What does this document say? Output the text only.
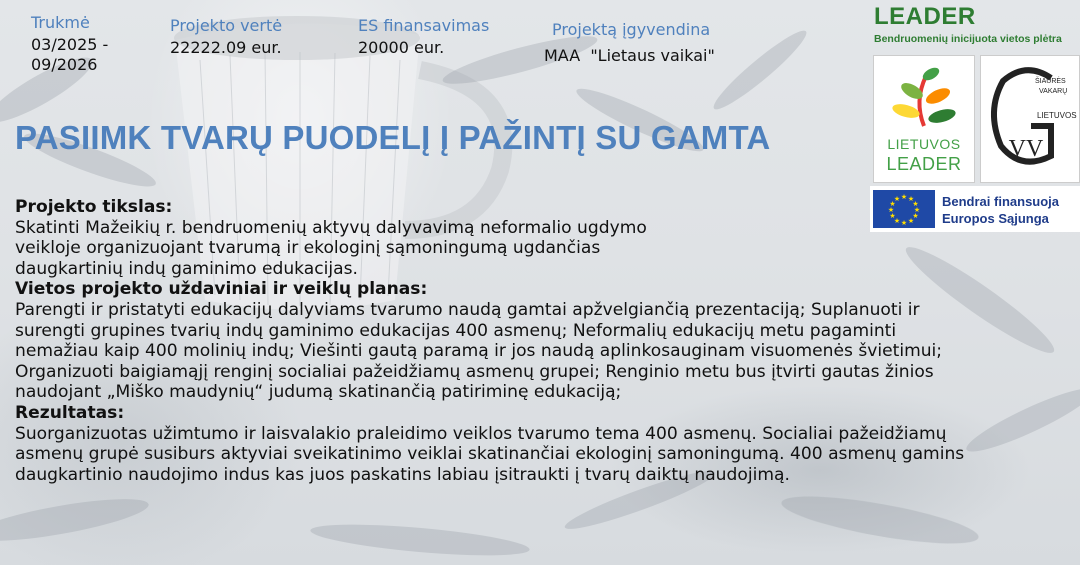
Trukmė
03/2025 -
09/2026
Projekto vertė
22222.09 eur.
ES finansavimas
20000 eur.
Projektą įgyvendina
MAA  "Lietaus vaikai"
PASIIMK TVARŲ PUODELĮ Į PAŽINTĮ SU GAMTA

Projekto tikslas:

Skatinti Mažeikių r. bendruomenių aktyvų dalyvavimą neformalio ugdymo

veikloje organizuojant tvarumą ir ekologinį sąmoningumą ugdančias

daugkartinių indų gaminimo edukacijas.

Vietos projekto uždaviniai ir veiklų planas:

Parengti ir pristatyti edukacijų dalyviams tvarumo naudą gamtai apžvelgiančią prezentaciją; Suplanuoti ir

surengti grupines tvarių indų gaminimo edukacijas 400 asmenų; Neformalių edukacijų metu pagaminti

nemažiau kaip 400 molinių indų; Viešinti gautą paramą ir jos naudą aplinkosauginam visuomenės švietimui;

Organizuoti baigiamąjį renginį socialiai pažeidžiamų asmenų grupei; Renginio metu bus įtvirti gautas žinios

naudojant „Miško maudynių“ judumą skatinančią patiriminę edukaciją;

Rezultatas:

Suorganizuotas užimtumo ir laisvalakio praleidimo veiklos tvarumo tema 400 asmenų. Socialiai pažeidžiamų

asmenų grupė susiburs aktyviai sveikatinimo veiklai skatinančiai ekologinį samoningumą. 400 asmenų gamins

daugkartinio naudojimo indus kas juos paskatins labiau įsitraukti į tvarų daiktų naudojimą.

LEADER
Bendruomenių inicijuota vietos plėtra
LIETUVOS
LEADER
VV
ŠIAURĖS
VAKARŲ
LIETUVOS
★ ★
★
★
★
★
★
★
★
★
★
★	Bendrai finansuoja
Europos Sąjunga
